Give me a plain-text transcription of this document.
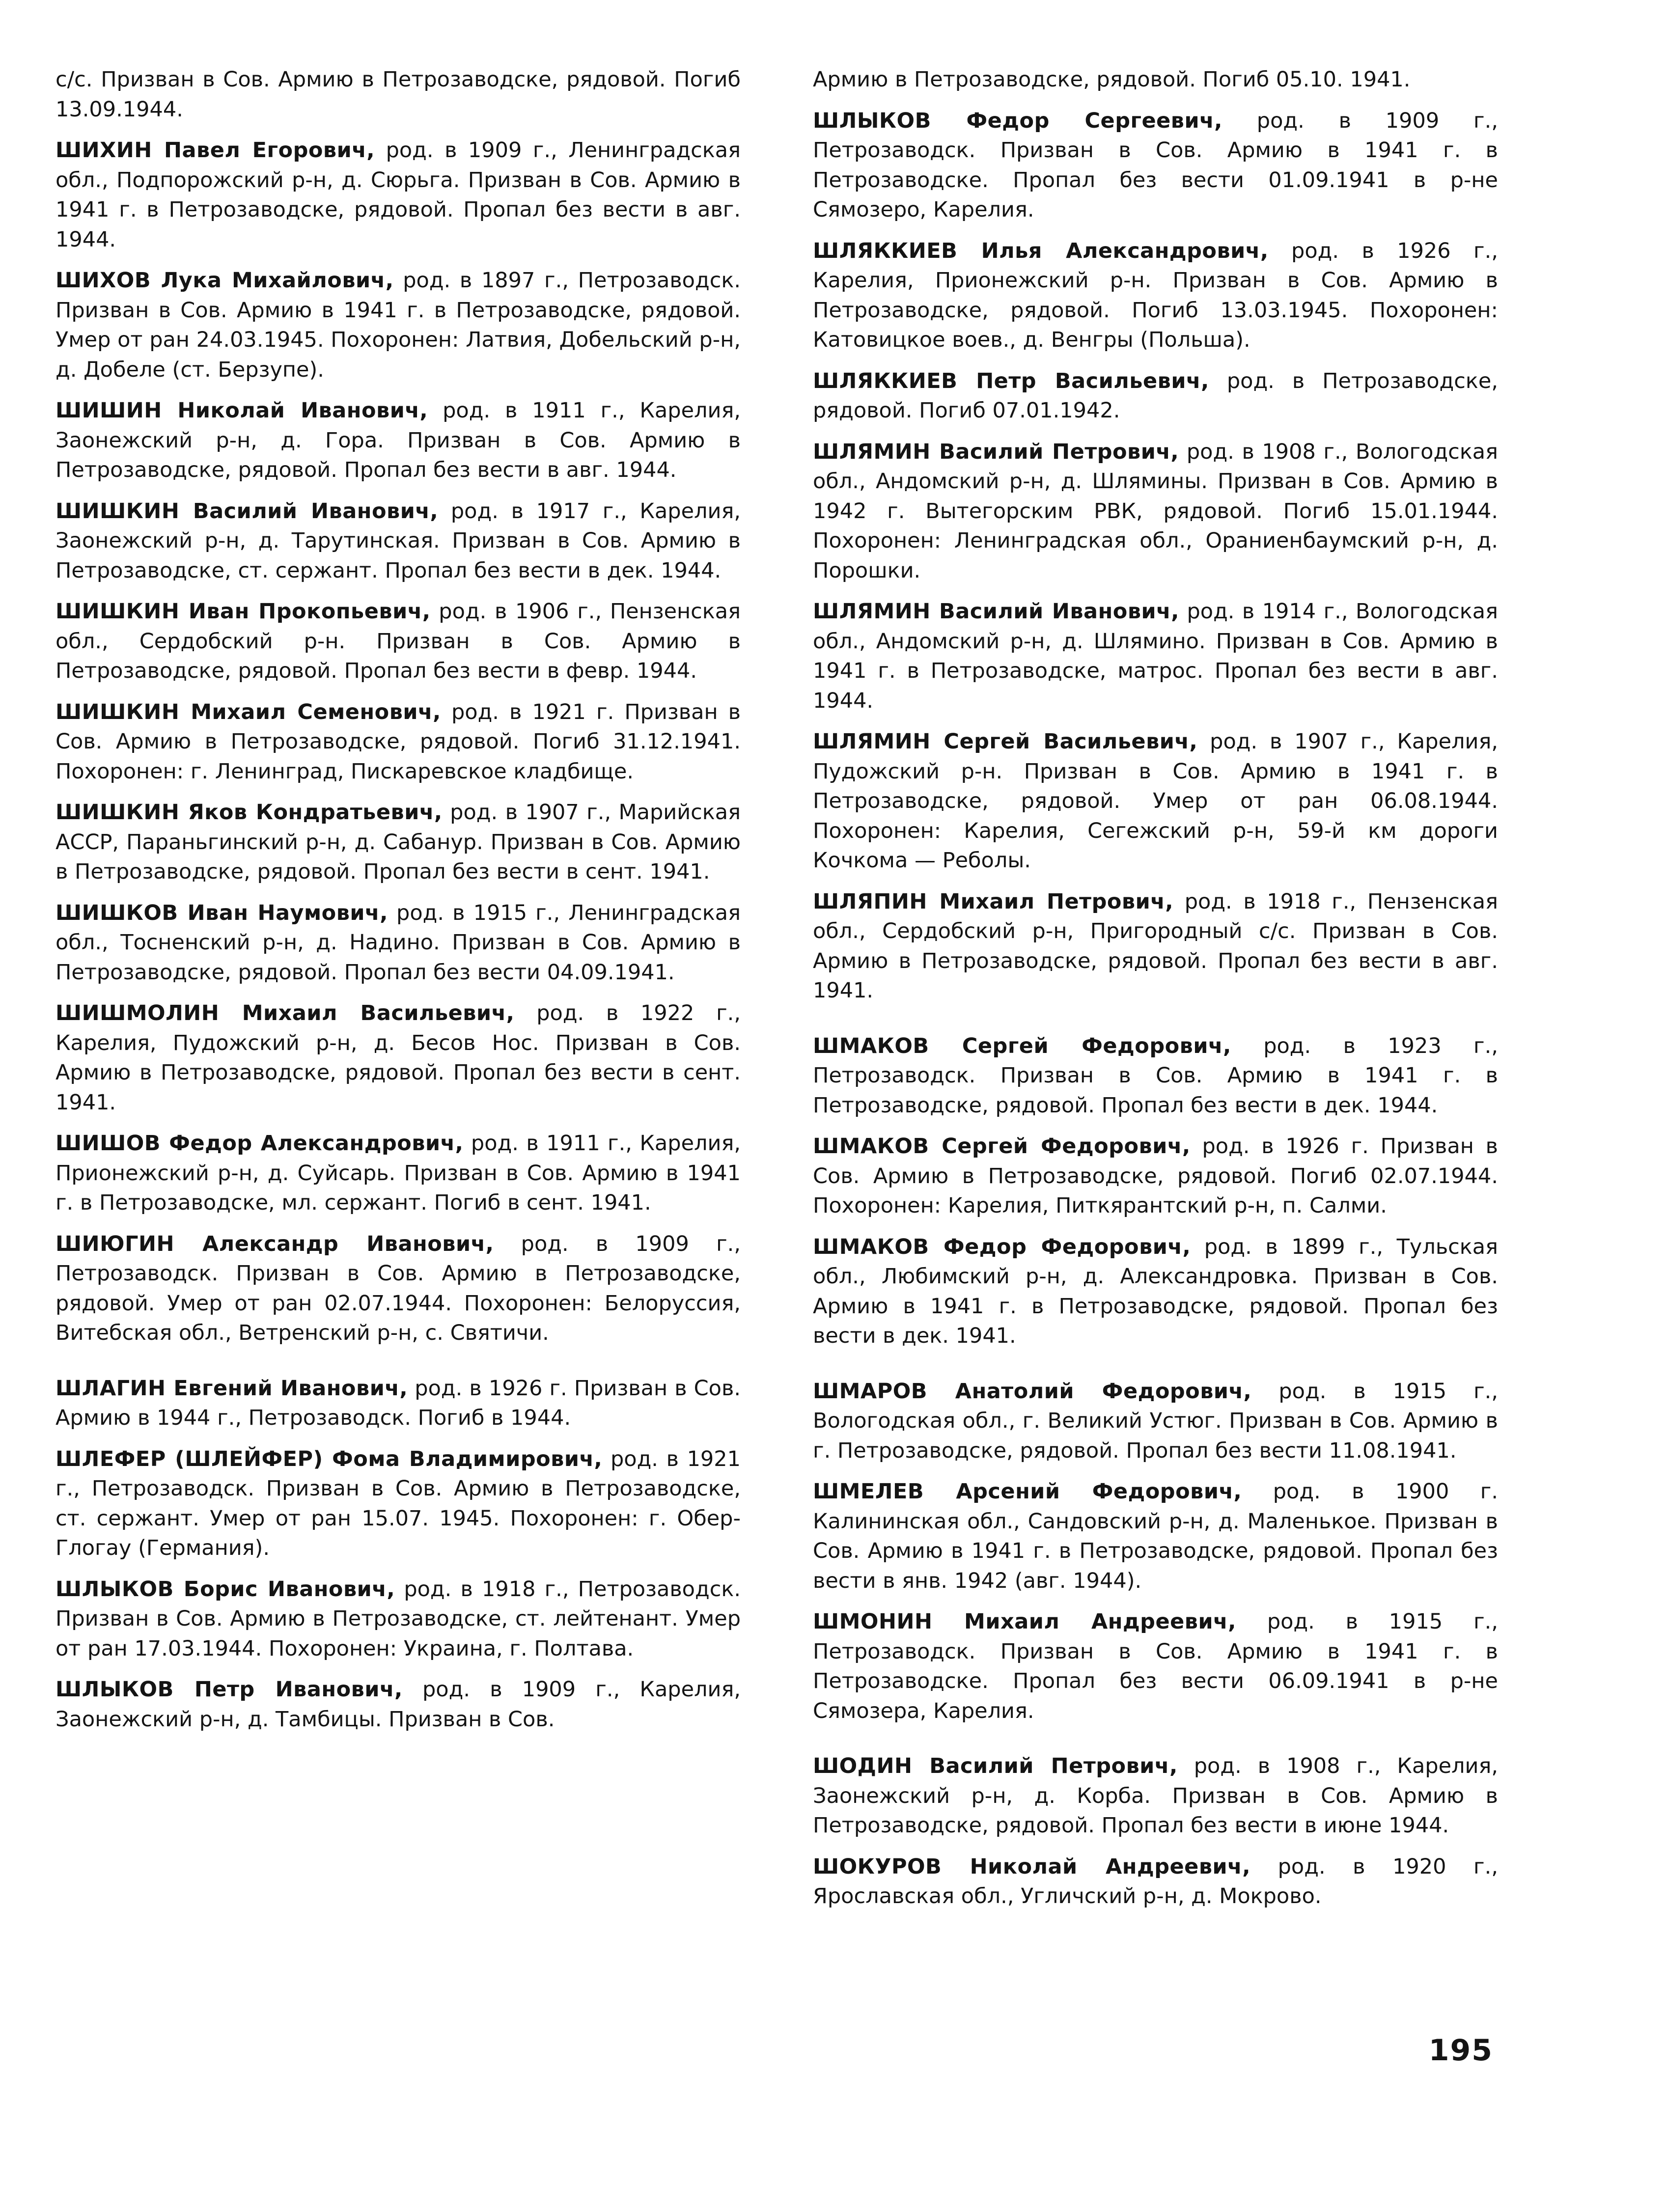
с/с. Призван в Сов. Армию в Петрозаводске, рядовой. Погиб 13.09.1944.

ШИХИН Павел Егорович, род. в 1909 г., Ленинградская обл., Подпорожский р-н, д. Сюрьга. Призван в Сов. Армию в 1941 г. в Петрозаводске, рядовой. Пропал без вести в авг. 1944.

ШИХОВ Лука Михайлович, род. в 1897 г., Петрозаводск. Призван в Сов. Армию в 1941 г. в Петрозаводске, рядовой. Умер от ран 24.03.1945. Похоронен: Латвия, Добельский р-н, д. Добеле (ст. Берзупе).

ШИШИН Николай Иванович, род. в 1911 г., Карелия, Заонежский р-н, д. Гора. Призван в Сов. Армию в Петрозаводске, рядовой. Пропал без вести в авг. 1944.

ШИШКИН Василий Иванович, род. в 1917 г., Карелия, Заонежский р-н, д. Тарутинская. Призван в Сов. Армию в Петрозаводске, ст. сержант. Пропал без вести в дек. 1944.

ШИШКИН Иван Прокопьевич, род. в 1906 г., Пензенская обл., Сердобский р-н. Призван в Сов. Армию в Петрозаводске, рядовой. Пропал без вести в февр. 1944.

ШИШКИН Михаил Семенович, род. в 1921 г. Призван в Сов. Армию в Петрозаводске, рядовой. Погиб 31.12.1941. Похоронен: г. Ленинград, Пискаревское кладбище.

ШИШКИН Яков Кондратьевич, род. в 1907 г., Марийская АССР, Параньгинский р-н, д. Сабанур. Призван в Сов. Армию в Петрозаводске, рядовой. Пропал без вести в сент. 1941.

ШИШКОВ Иван Наумович, род. в 1915 г., Ленинградская обл., Тосненский р-н, д. Надино. Призван в Сов. Армию в Петрозаводске, рядовой. Пропал без вести 04.09.1941.

ШИШМОЛИН Михаил Васильевич, род. в 1922 г., Карелия, Пудожский р-н, д. Бесов Нос. Призван в Сов. Армию в Петрозаводске, рядовой. Пропал без вести в сент. 1941.

ШИШОВ Федор Александрович, род. в 1911 г., Карелия, Прионежский р-н, д. Суйсарь. Призван в Сов. Армию в 1941 г. в Петрозаводске, мл. сержант. Погиб в сент. 1941.

ШИЮГИН Александр Иванович, род. в 1909 г., Петрозаводск. Призван в Сов. Армию в Петрозаводске, рядовой. Умер от ран 02.07.1944. Похоронен: Белоруссия, Витебская обл., Ветренский р-н, с. Святичи.

ШЛАГИН Евгений Иванович, род. в 1926 г. Призван в Сов. Армию в 1944 г., Петрозаводск. Погиб в 1944.

ШЛЕФЕР (ШЛЕЙФЕР) Фома Владимирович, род. в 1921 г., Петрозаводск. Призван в Сов. Армию в Петрозаводске, ст. сержант. Умер от ран 15.07. 1945. Похоронен: г. Обер-Глогау (Германия).

ШЛЫКОВ Борис Иванович, род. в 1918 г., Петрозаводск. Призван в Сов. Армию в Петрозаводске, ст. лейтенант. Умер от ран 17.03.1944. Похоронен: Украина, г. Полтава.

ШЛЫКОВ Петр Иванович, род. в 1909 г., Карелия, Заонежский р-н, д. Тамбицы. Призван в Сов.

Армию в Петрозаводске, рядовой. Погиб 05.10. 1941.

ШЛЫКОВ Федор Сергеевич, род. в 1909 г., Петрозаводск. Призван в Сов. Армию в 1941 г. в Петрозаводске. Пропал без вести 01.09.1941 в р-не Сямозеро, Карелия.

ШЛЯККИЕВ Илья Александрович, род. в 1926 г., Карелия, Прионежский р-н. Призван в Сов. Армию в Петрозаводске, рядовой. Погиб 13.03.1945. Похоронен: Катовицкое воев., д. Венгры (Польша).

ШЛЯККИЕВ Петр Васильевич, род. в Петрозаводске, рядовой. Погиб 07.01.1942.

ШЛЯМИН Василий Петрович, род. в 1908 г., Вологодская обл., Андомский р-н, д. Шлямины. Призван в Сов. Армию в 1942 г. Вытегорским РВК, рядовой. Погиб 15.01.1944. Похоронен: Ленинградская обл., Ораниенбаумский р-н, д. Порошки.

ШЛЯМИН Василий Иванович, род. в 1914 г., Вологодская обл., Андомский р-н, д. Шлямино. Призван в Сов. Армию в 1941 г. в Петрозаводске, матрос. Пропал без вести в авг. 1944.

ШЛЯМИН Сергей Васильевич, род. в 1907 г., Карелия, Пудожский р-н. Призван в Сов. Армию в 1941 г. в Петрозаводске, рядовой. Умер от ран 06.08.1944. Похоронен: Карелия, Сегежский р-н, 59-й км дороги Кочкома — Реболы.

ШЛЯПИН Михаил Петрович, род. в 1918 г., Пензенская обл., Сердобский р-н, Пригородный с/с. Призван в Сов. Армию в Петрозаводске, рядовой. Пропал без вести в авг. 1941.

ШМАКОВ Сергей Федорович, род. в 1923 г., Петрозаводск. Призван в Сов. Армию в 1941 г. в Петрозаводске, рядовой. Пропал без вести в дек. 1944.

ШМАКОВ Сергей Федорович, род. в 1926 г. Призван в Сов. Армию в Петрозаводске, рядовой. Погиб 02.07.1944. Похоронен: Карелия, Питкярантский р-н, п. Салми.

ШМАКОВ Федор Федорович, род. в 1899 г., Тульская обл., Любимский р-н, д. Александровка. Призван в Сов. Армию в 1941 г. в Петрозаводске, рядовой. Пропал без вести в дек. 1941.

ШМАРОВ Анатолий Федорович, род. в 1915 г., Вологодская обл., г. Великий Устюг. Призван в Сов. Армию в г. Петрозаводске, рядовой. Пропал без вести 11.08.1941.

ШМЕЛЕВ Арсений Федорович, род. в 1900 г. Калининская обл., Сандовский р-н, д. Маленькое. Призван в Сов. Армию в 1941 г. в Петрозаводске, рядовой. Пропал без вести в янв. 1942 (авг. 1944).

ШМОНИН Михаил Андреевич, род. в 1915 г., Петрозаводск. Призван в Сов. Армию в 1941 г. в Петрозаводске. Пропал без вести 06.09.1941 в р-не Сямозера, Карелия.

ШОДИН Василий Петрович, род. в 1908 г., Карелия, Заонежский р-н, д. Корба. Призван в Сов. Армию в Петрозаводске, рядовой. Пропал без вести в июне 1944.

ШОКУРОВ Николай Андреевич, род. в 1920 г., Ярославская обл., Угличский р-н, д. Мокрово.

195
